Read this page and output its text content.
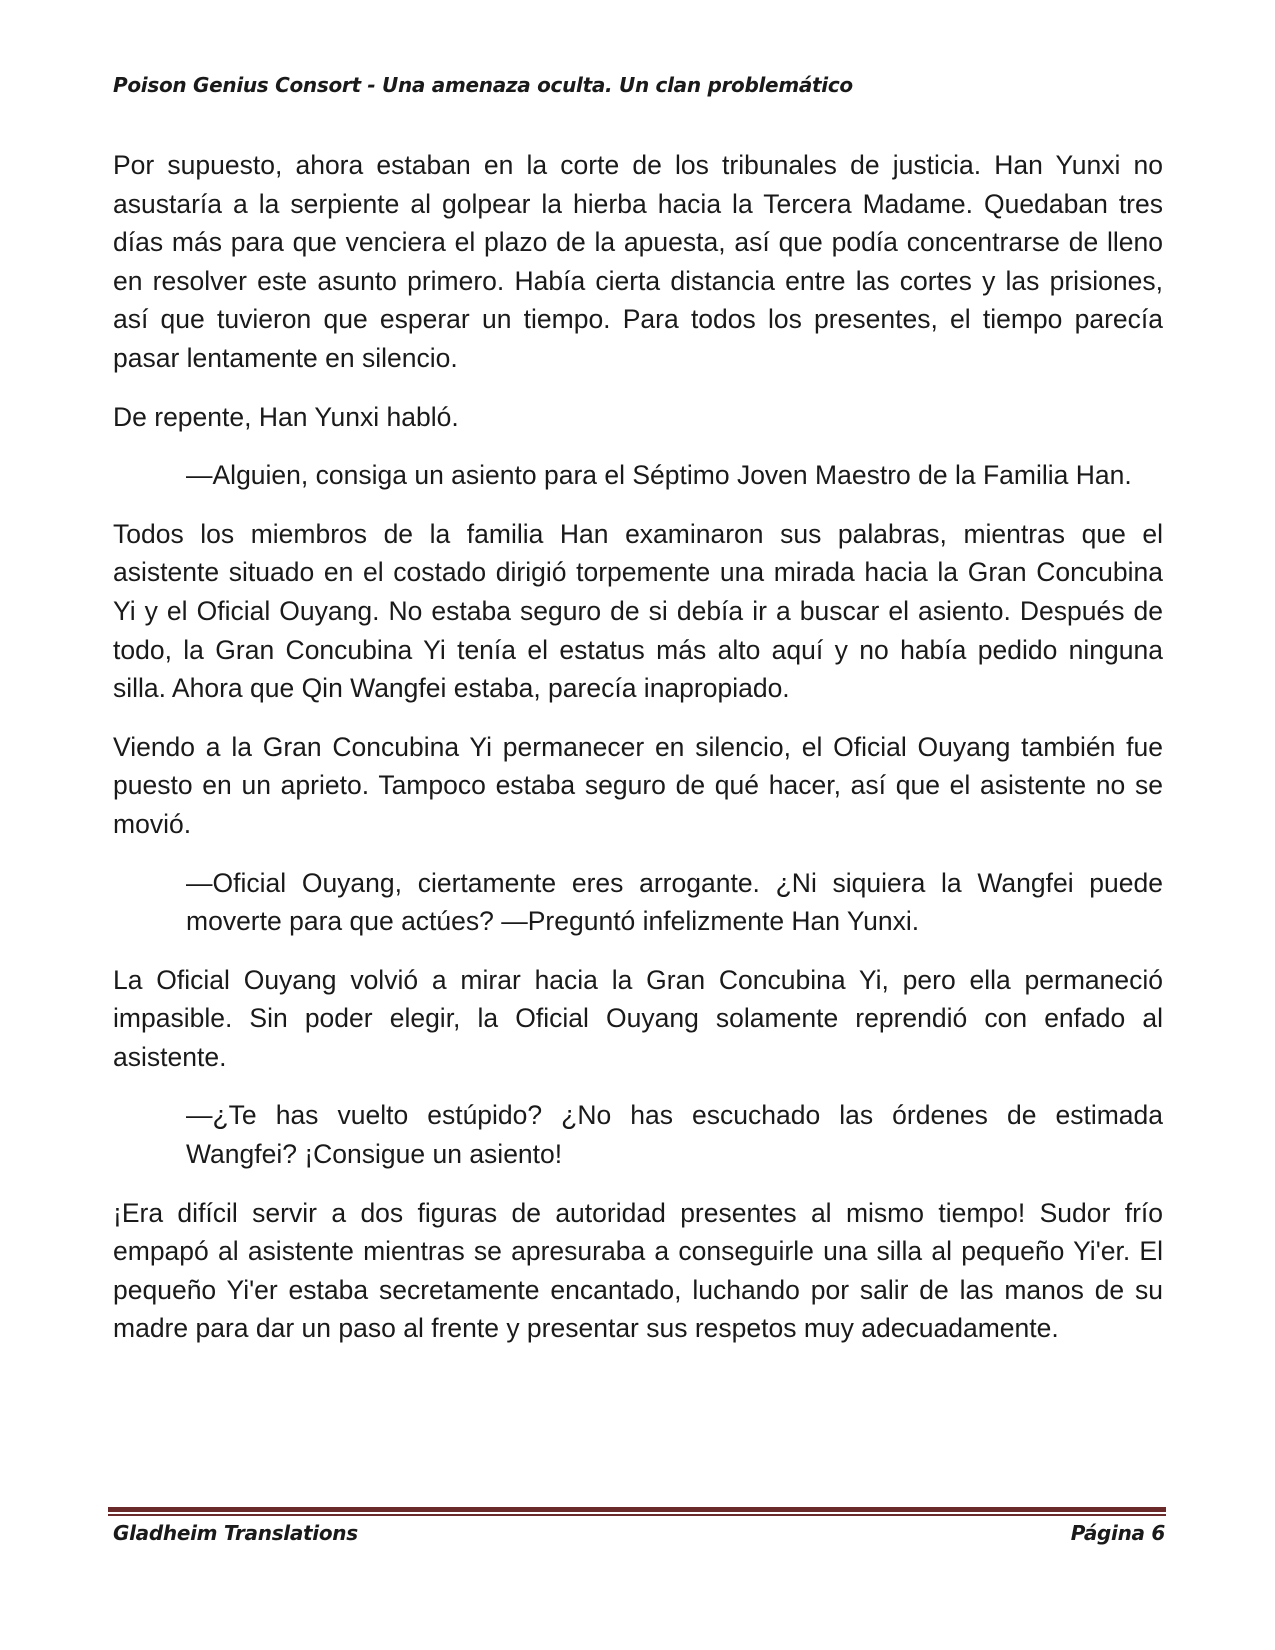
Poison Genius Consort - Una amenaza oculta. Un clan problemático

Por supuesto, ahora estaban en la corte de los tribunales de justicia. Han Yunxi no asustaría a la serpiente al golpear la hierba hacia la Tercera Madame. Quedaban tres días más para que venciera el plazo de la apuesta, así que podía concentrarse de lleno en resolver este asunto primero. Había cierta distancia entre las cortes y las prisiones, así que tuvieron que esperar un tiempo. Para todos los presentes, el tiempo parecía pasar lentamente en silencio.

De repente, Han Yunxi habló.

—Alguien, consiga un asiento para el Séptimo Joven Maestro de la Familia Han.

Todos los miembros de la familia Han examinaron sus palabras, mientras que el asistente situado en el costado dirigió torpemente una mirada hacia la Gran Concubina Yi y el Oficial Ouyang. No estaba seguro de si debía ir a buscar el asiento. Después de todo, la Gran Concubina Yi tenía el estatus más alto aquí y no había pedido ninguna silla. Ahora que Qin Wangfei estaba, parecía inapropiado.

Viendo a la Gran Concubina Yi permanecer en silencio, el Oficial Ouyang también fue puesto en un aprieto. Tampoco estaba seguro de qué hacer, así que el asistente no se movió.

—Oficial Ouyang, ciertamente eres arrogante. ¿Ni siquiera la Wangfei puede moverte para que actúes? —Preguntó infelizmente Han Yunxi.

La Oficial Ouyang volvió a mirar hacia la Gran Concubina Yi, pero ella permaneció impasible. Sin poder elegir, la Oficial Ouyang solamente reprendió con enfado al asistente.

—¿Te has vuelto estúpido? ¿No has escuchado las órdenes de estimada Wangfei? ¡Consigue un asiento!

¡Era difícil servir a dos figuras de autoridad presentes al mismo tiempo! Sudor frío empapó al asistente mientras se apresuraba a conseguirle una silla al pequeño Yi'er. El pequeño Yi'er estaba secretamente encantado, luchando por salir de las manos de su madre para dar un paso al frente y presentar sus respetos muy adecuadamente.

Gladheim Translations	Página 6
